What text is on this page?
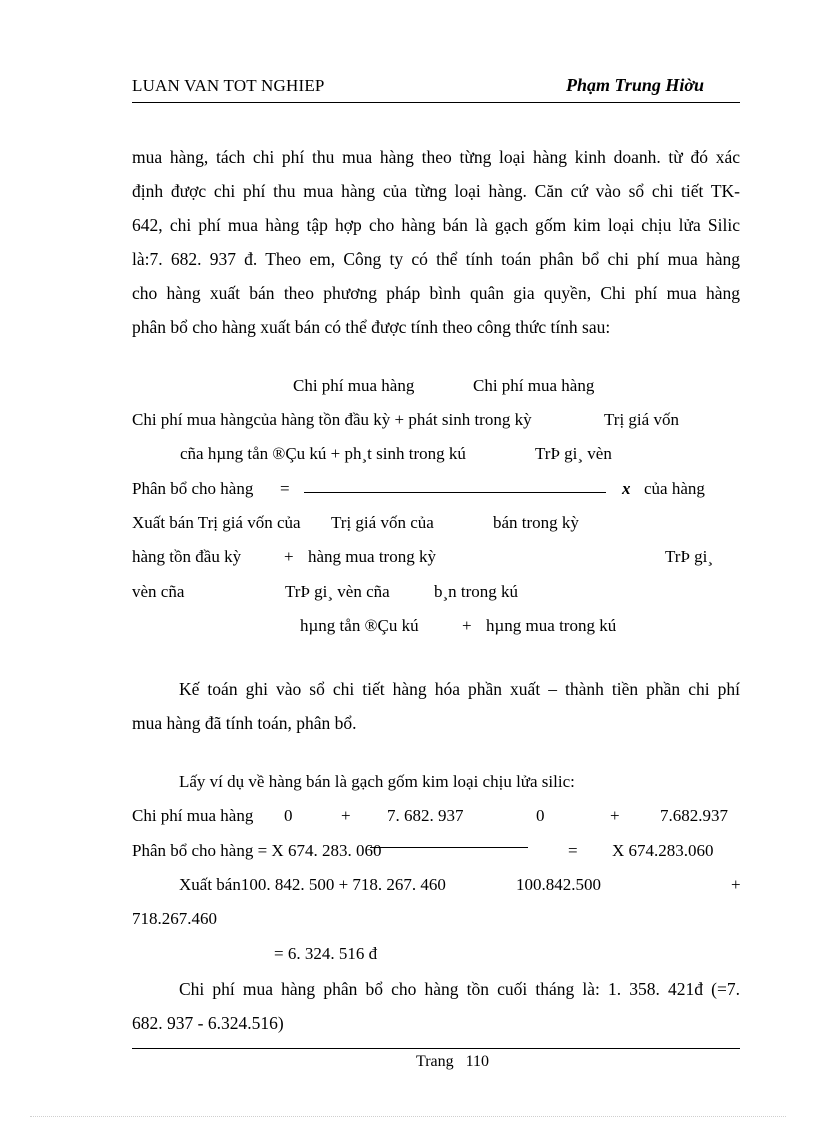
LUAN VAN TOT NGHIEP	Phạm Trung Hiờu
mua hàng, tách chi phí thu mua hàng theo từng loại hàng kinh doanh. từ đó xác
định được chi phí thu mua hàng của từng loại hàng. Căn cứ vào sổ chi tiết TK-
642, chi phí mua hàng tập hợp cho hàng bán là gạch gốm kim loại chịu lửa Silic
là:7. 682. 937 đ. Theo em, Công ty có thể tính toán phân bổ chi phí mua hàng
cho hàng xuất bán theo phương pháp bình quân gia quyền, Chi phí mua hàng
phân bổ cho hàng xuất bán có thể được tính theo công thức tính sau:
Chi phí mua hàng	Chi phí mua hàng
Chi phí mua hàngcủa hàng tồn đầu kỳ + phát sinh trong kỳ	Trị giá vốn
cña hµng tån ®Çu kú + ph¸t sinh trong kú	TrÞ gi¸ vèn
Phân bổ cho hàng =	x của hàng
Xuất bán Trị giá vốn của Trị giá vốn của	bán trong kỳ
hàng tồn đầu kỳ	+ hàng mua trong kỳ	TrÞ gi¸
vèn cña	TrÞ gi¸ vèn cña	b¸n trong kú
hµng tån ®Çu kú	+ hµng mua trong kú
Kế toán ghi vào sổ chi tiết hàng hóa phần xuất – thành tiền phần chi phí
mua hàng đã tính toán, phân bổ.
Lấy ví dụ về hàng bán là gạch gốm kim loại chịu lửa silic:
Chi phí mua hàng 0	+ 7. 682. 937	0	+ 7.682.937
Phân bổ cho hàng = X 674. 283. 060	= X 674.283.060
Xuất bán100. 842. 500 + 718. 267. 460	100.842.500	+
718.267.460
= 6. 324. 516 đ
Chi phí mua hàng phân bổ cho hàng tồn cuối tháng là: 1. 358. 421đ (=7.
682. 937 - 6.324.516)
Trang 110
